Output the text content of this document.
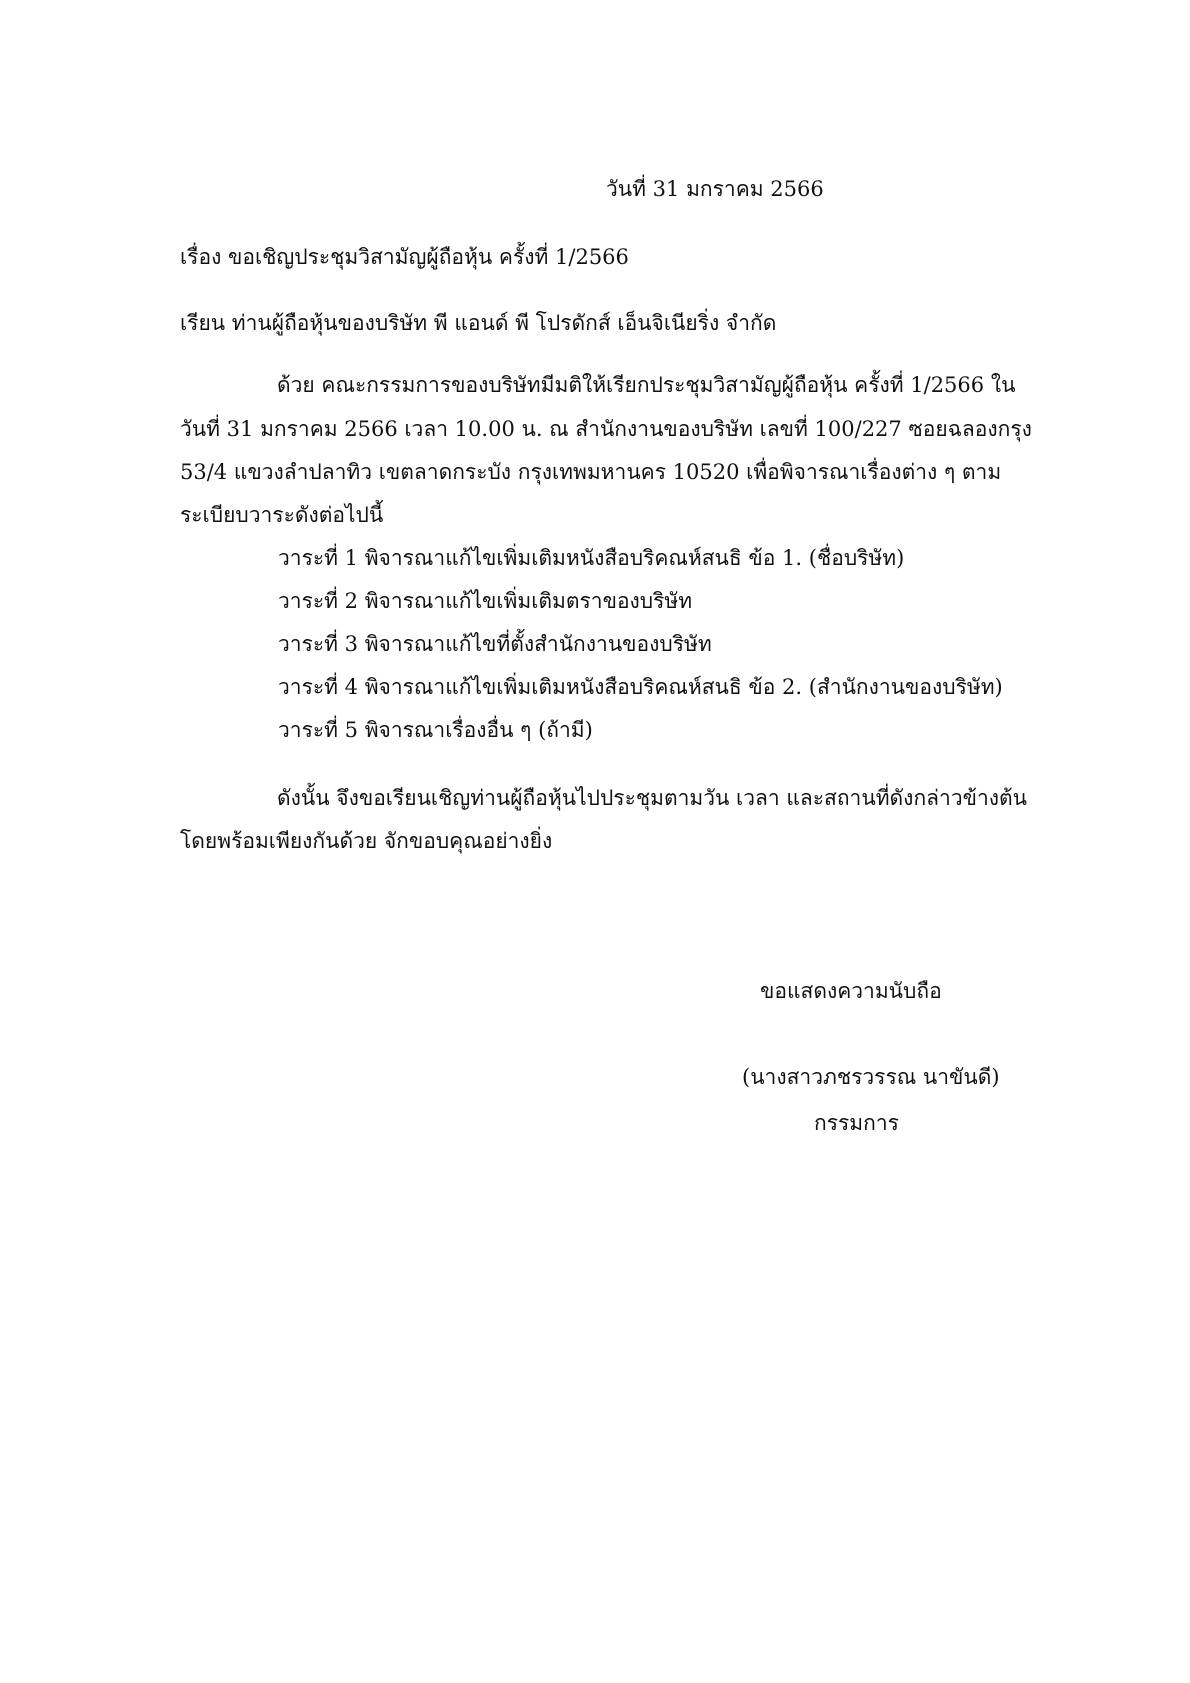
วันที่ 31 มกราคม 2566
เรื่อง ขอเชิญประชุมวิสามัญผู้ถือหุ้น ครั้งที่ 1/2566
เรียน ท่านผู้ถือหุ้นของบริษัท พี แอนด์ พี โปรดักส์ เอ็นจิเนียริ่ง จำกัด
ด้วย คณะกรรมการของบริษัทมีมติให้เรียกประชุมวิสามัญผู้ถือหุ้น ครั้งที่ 1/2566 ใน
วันที่ 31 มกราคม 2566 เวลา 10.00 น. ณ สำนักงานของบริษัท เลขที่ 100/227 ซอยฉลองกรุง
53/4 แขวงลำปลาทิว เขตลาดกระบัง กรุงเทพมหานคร 10520 เพื่อพิจารณาเรื่องต่าง ๆ ตาม
ระเบียบวาระดังต่อไปนี้
วาระที่ 1 พิจารณาแก้ไขเพิ่มเติมหนังสือบริคณห์สนธิ ข้อ 1. (ชื่อบริษัท)
วาระที่ 2 พิจารณาแก้ไขเพิ่มเติมตราของบริษัท
วาระที่ 3 พิจารณาแก้ไขที่ตั้งสำนักงานของบริษัท
วาระที่ 4 พิจารณาแก้ไขเพิ่มเติมหนังสือบริคณห์สนธิ ข้อ 2. (สำนักงานของบริษัท)
วาระที่ 5 พิจารณาเรื่องอื่น ๆ (ถ้ามี)
ดังนั้น จึงขอเรียนเชิญท่านผู้ถือหุ้นไปประชุมตามวัน เวลา และสถานที่ดังกล่าวข้างต้น
โดยพร้อมเพียงกันด้วย จักขอบคุณอย่างยิ่ง
ขอแสดงความนับถือ
(นางสาวภชรวรรณ นาขันดี)
กรรมการ
